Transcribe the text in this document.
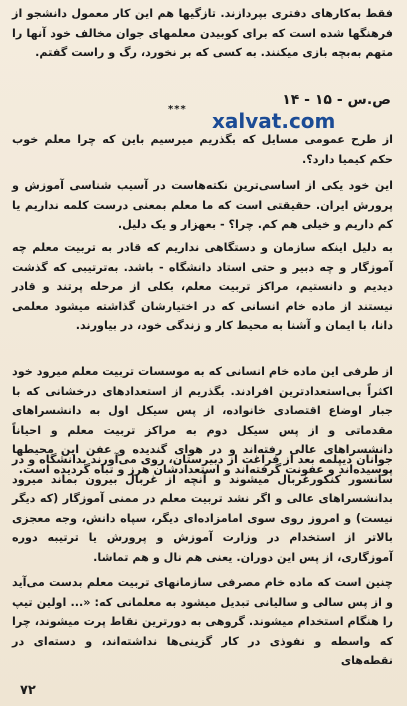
فقط به‌کارهای دفتری بپردازند. تازگیها هم این کار معمول دانشجو از فرهنگها شده است که برای کوبیدن معلمهای جوان مخالف خود آنها را متهم به‌بچه بازی میکنند. به کسی که بر نخورد، رگ و راست گفتم.
ص.س - ۱۵ - ۱۴
*** xalvat.com
از طرح عمومی مسایل که بگذریم میرسیم باین که چرا معلم خوب حکم کیمیا دارد؟.
این خود یکی از اساسی‌ترین نکته‌هاست در آسیب شناسی آموزش و پرورش ایران. حقیقتی است که ما معلم بمعنی درست کلمه نداریم یا کم داریم و خیلی هم کم. چرا؟ - بعهزار و یک دلیل.
به دلیل اینکه سازمان و دستگاهی نداریم که قادر به تربیت معلم چه آموزگار و چه دبیر و حتی استاد دانشگاه - باشد. به‌ترتیبی که گذشت دیدیم و دانستیم، مراکز تربیت معلم، بکلی از مرحله پرتند و قادر نیستند از ماده خام انسانی که در اختیارشان گذاشته میشود معلمی دانا، با ایمان و آشنا به محیط کار و زندگی خود، در بیاورند.
از طرفی این ماده خام انسانی که به موسسات تربیت معلم میرود خود اکثراً بی‌استعدادترین افرادند. بگذریم از استعدادهای درخشانی که با جبار اوضاع اقتصادی خانواده، از پس سیکل اول به دانشسراهای مقدماتی و از پس سیکل دوم به مراکز تربیت معلم و احیاناً دانشسراهای عالی رفته‌اند و در هوای گندیده و عفن این محیطها پوسیده‌اند و عفونت گرفته‌اند و استعدادشان هرز و تباه گردیده است.
جوانان دیپلمه بعد از فراغت از دبیرستان، روی می‌آورند بدانشگاه و در سانسور کنکورغربال میشوند و آنچه از غربال بیرون بماند میرود بدانشسراهای عالی و اگر نشد تربیت معلم در ممنی آموزگار (که دیگر نیست) و امروز روی سوی امامزاده‌ای دیگر، سپاه دانش، وجه معجزی بالاتر از استخدام در وزارت آموزش و پرورش یا ترتیبه دوره آموزگاری، از پس این دوران. یعنی هم نال و هم تماشا.
چنین است که ماده خام مصرفی سازمانهای تربیت معلم بدست می‌آید و از پس سالی و سالیانی تبدیل میشود به معلمانی که: «... اولین تیپ را هنگام استخدام میشوند. گروهی به دورترین نقاط پرت میشوند، چرا که واسطه و نفوذی در کار گزینی‌ها نداشته‌اند، و دسته‌ای در نقطه‌های
۷۲
